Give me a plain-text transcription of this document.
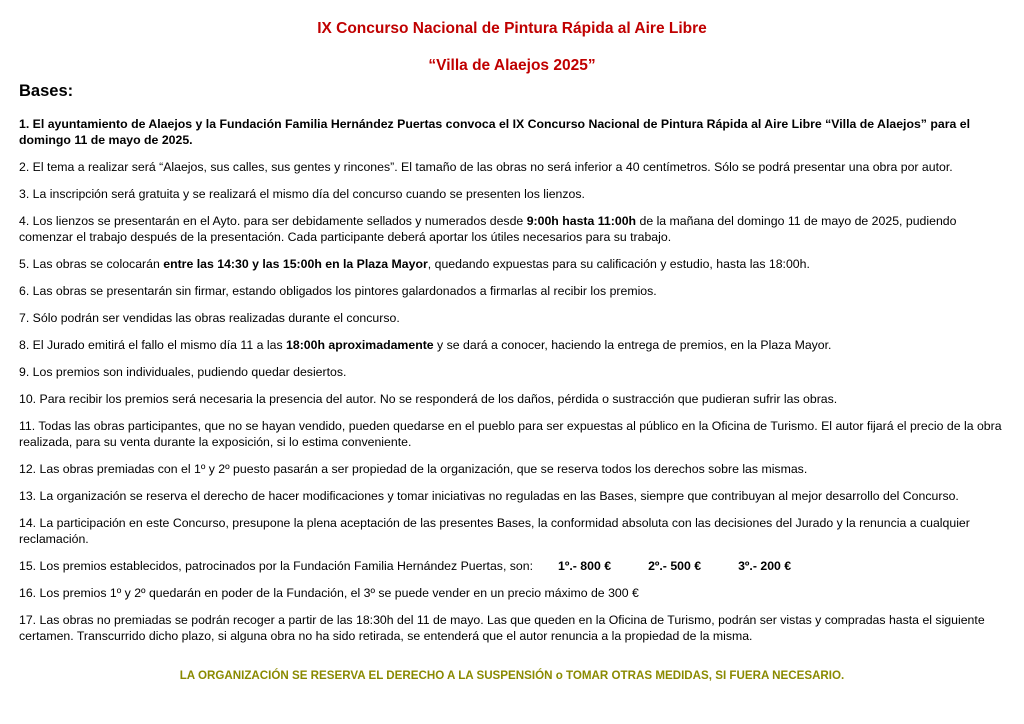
IX Concurso Nacional de Pintura Rápida al Aire Libre
“Villa de Alaejos 2025”
Bases:

1. El ayuntamiento de Alaejos y la Fundación Familia Hernández Puertas convoca el IX Concurso Nacional de Pintura Rápida al Aire Libre “Villa de Alaejos” para el domingo 11 de mayo de 2025.

2. El tema a realizar será “Alaejos, sus calles, sus gentes y rincones”. El tamaño de las obras no será inferior a 40 centímetros. Sólo se podrá presentar una obra por autor.

3. La inscripción será gratuita y se realizará el mismo día del concurso cuando se presenten los lienzos.

4. Los lienzos se presentarán en el Ayto. para ser debidamente sellados y numerados desde 9:00h hasta 11:00h de la mañana del domingo 11 de mayo de 2025, pudiendo comenzar el trabajo después de la presentación. Cada participante deberá aportar los útiles necesarios para su trabajo.

5. Las obras se colocarán entre las 14:30 y las 15:00h en la Plaza Mayor, quedando expuestas para su calificación y estudio, hasta las 18:00h.

6. Las obras se presentarán sin firmar, estando obligados los pintores galardonados a firmarlas al recibir los premios.

7. Sólo podrán ser vendidas las obras realizadas durante el concurso.

8. El Jurado emitirá el fallo el mismo día 11 a las 18:00h aproximadamente y se dará a conocer, haciendo la entrega de premios, en la Plaza Mayor.

9. Los premios son individuales, pudiendo quedar desiertos.

10. Para recibir los premios será necesaria la presencia del autor. No se responderá de los daños, pérdida o sustracción que pudieran sufrir las obras.

11. Todas las obras participantes, que no se hayan vendido, pueden quedarse en el pueblo para ser expuestas al público en la Oficina de Turismo. El autor fijará el precio de la obra realizada, para su venta durante la exposición, si lo estima conveniente.

12. Las obras premiadas con el 1º y 2º puesto pasarán a ser propiedad de la organización, que se reserva todos los derechos sobre las mismas.

13. La organización se reserva el derecho de hacer modificaciones y tomar iniciativas no reguladas en las Bases, siempre que contribuyan al mejor desarrollo del Concurso.

14. La participación en este Concurso, presupone la plena aceptación de las presentes Bases, la conformidad absoluta con las decisiones del Jurado y la renuncia a cualquier reclamación.

15. Los premios establecidos, patrocinados por la Fundación Familia Hernández Puertas, son: 1º.- 800 €	2º.- 500 €	3º.- 200 €

16. Los premios 1º y 2º quedarán en poder de la Fundación, el 3º se puede vender en un precio máximo de 300 €

17. Las obras no premiadas se podrán recoger a partir de las 18:30h del 11 de mayo. Las que queden en la Oficina de Turismo, podrán ser vistas y compradas hasta el siguiente certamen. Transcurrido dicho plazo, si alguna obra no ha sido retirada, se entenderá que el autor renuncia a la propiedad de la misma.

LA ORGANIZACIÓN SE RESERVA EL DERECHO A LA SUSPENSIÓN o TOMAR OTRAS MEDIDAS, SI FUERA NECESARIO.
